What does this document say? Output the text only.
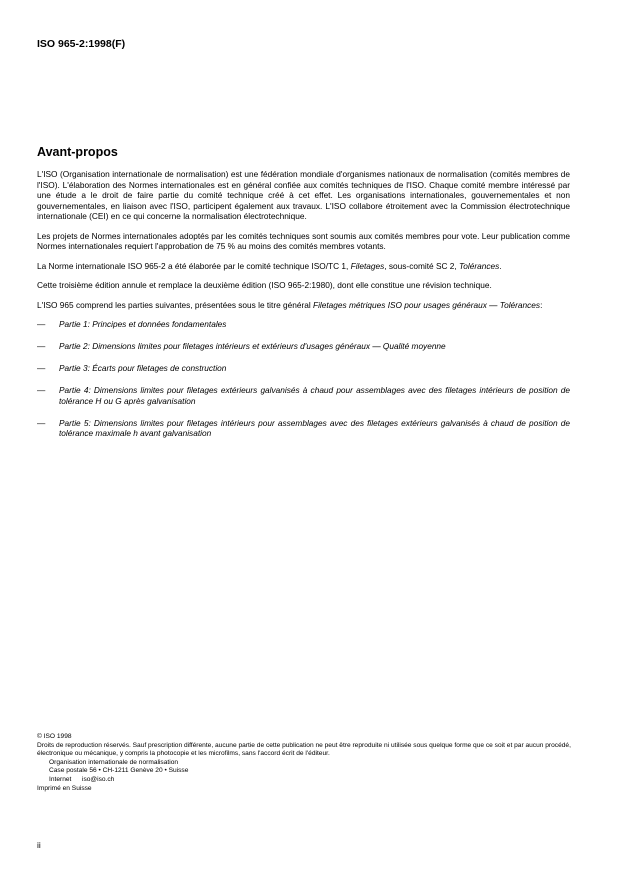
ISO 965-2:1998(F)
Avant-propos

L'ISO (Organisation internationale de normalisation) est une fédération mondiale d'organismes nationaux de normalisation (comités membres de l'ISO). L'élaboration des Normes internationales est en général confiée aux comités techniques de l'ISO. Chaque comité membre intéressé par une étude a le droit de faire partie du comité technique créé à cet effet. Les organisations internationales, gouvernementales et non gouvernementales, en liaison avec l'ISO, participent également aux travaux. L'ISO collabore étroitement avec la Commission électrotechnique internationale (CEI) en ce qui concerne la normalisation électrotechnique.

Les projets de Normes internationales adoptés par les comités techniques sont soumis aux comités membres pour vote. Leur publication comme Normes internationales requiert l'approbation de 75 % au moins des comités membres votants.

La Norme internationale ISO 965-2 a été élaborée par le comité technique ISO/TC 1, Filetages, sous-comité SC 2, Tolérances.

Cette troisième édition annule et remplace la deuxième édition (ISO 965-2:1980), dont elle constitue une révision technique.

L'ISO 965 comprend les parties suivantes, présentées sous le titre général Filetages métriques ISO pour usages généraux — Tolérances:

— Partie 1: Principes et données fondamentales
— Partie 2: Dimensions limites pour filetages intérieurs et extérieurs d'usages généraux — Qualité moyenne
— Partie 3: Écarts pour filetages de construction
— Partie 4: Dimensions limites pour filetages extérieurs galvanisés à chaud pour assemblages avec des filetages intérieurs de position de tolérance H ou G après galvanisation
— Partie 5: Dimensions limites pour filetages intérieurs pour assemblages avec des filetages extérieurs galvanisés à chaud de position de tolérance maximale h avant galvanisation
© ISO 1998
Droits de reproduction réservés. Sauf prescription différente, aucune partie de cette publication ne peut être reproduite ni utilisée sous quelque forme que ce soit et par aucun procédé, électronique ou mécanique, y compris la photocopie et les microfilms, sans l'accord écrit de l'éditeur.
Organisation internationale de normalisation
Case postale 56 • CH-1211 Genève 20 • Suisse
Internet iso@iso.ch
Imprimé en Suisse
ii
